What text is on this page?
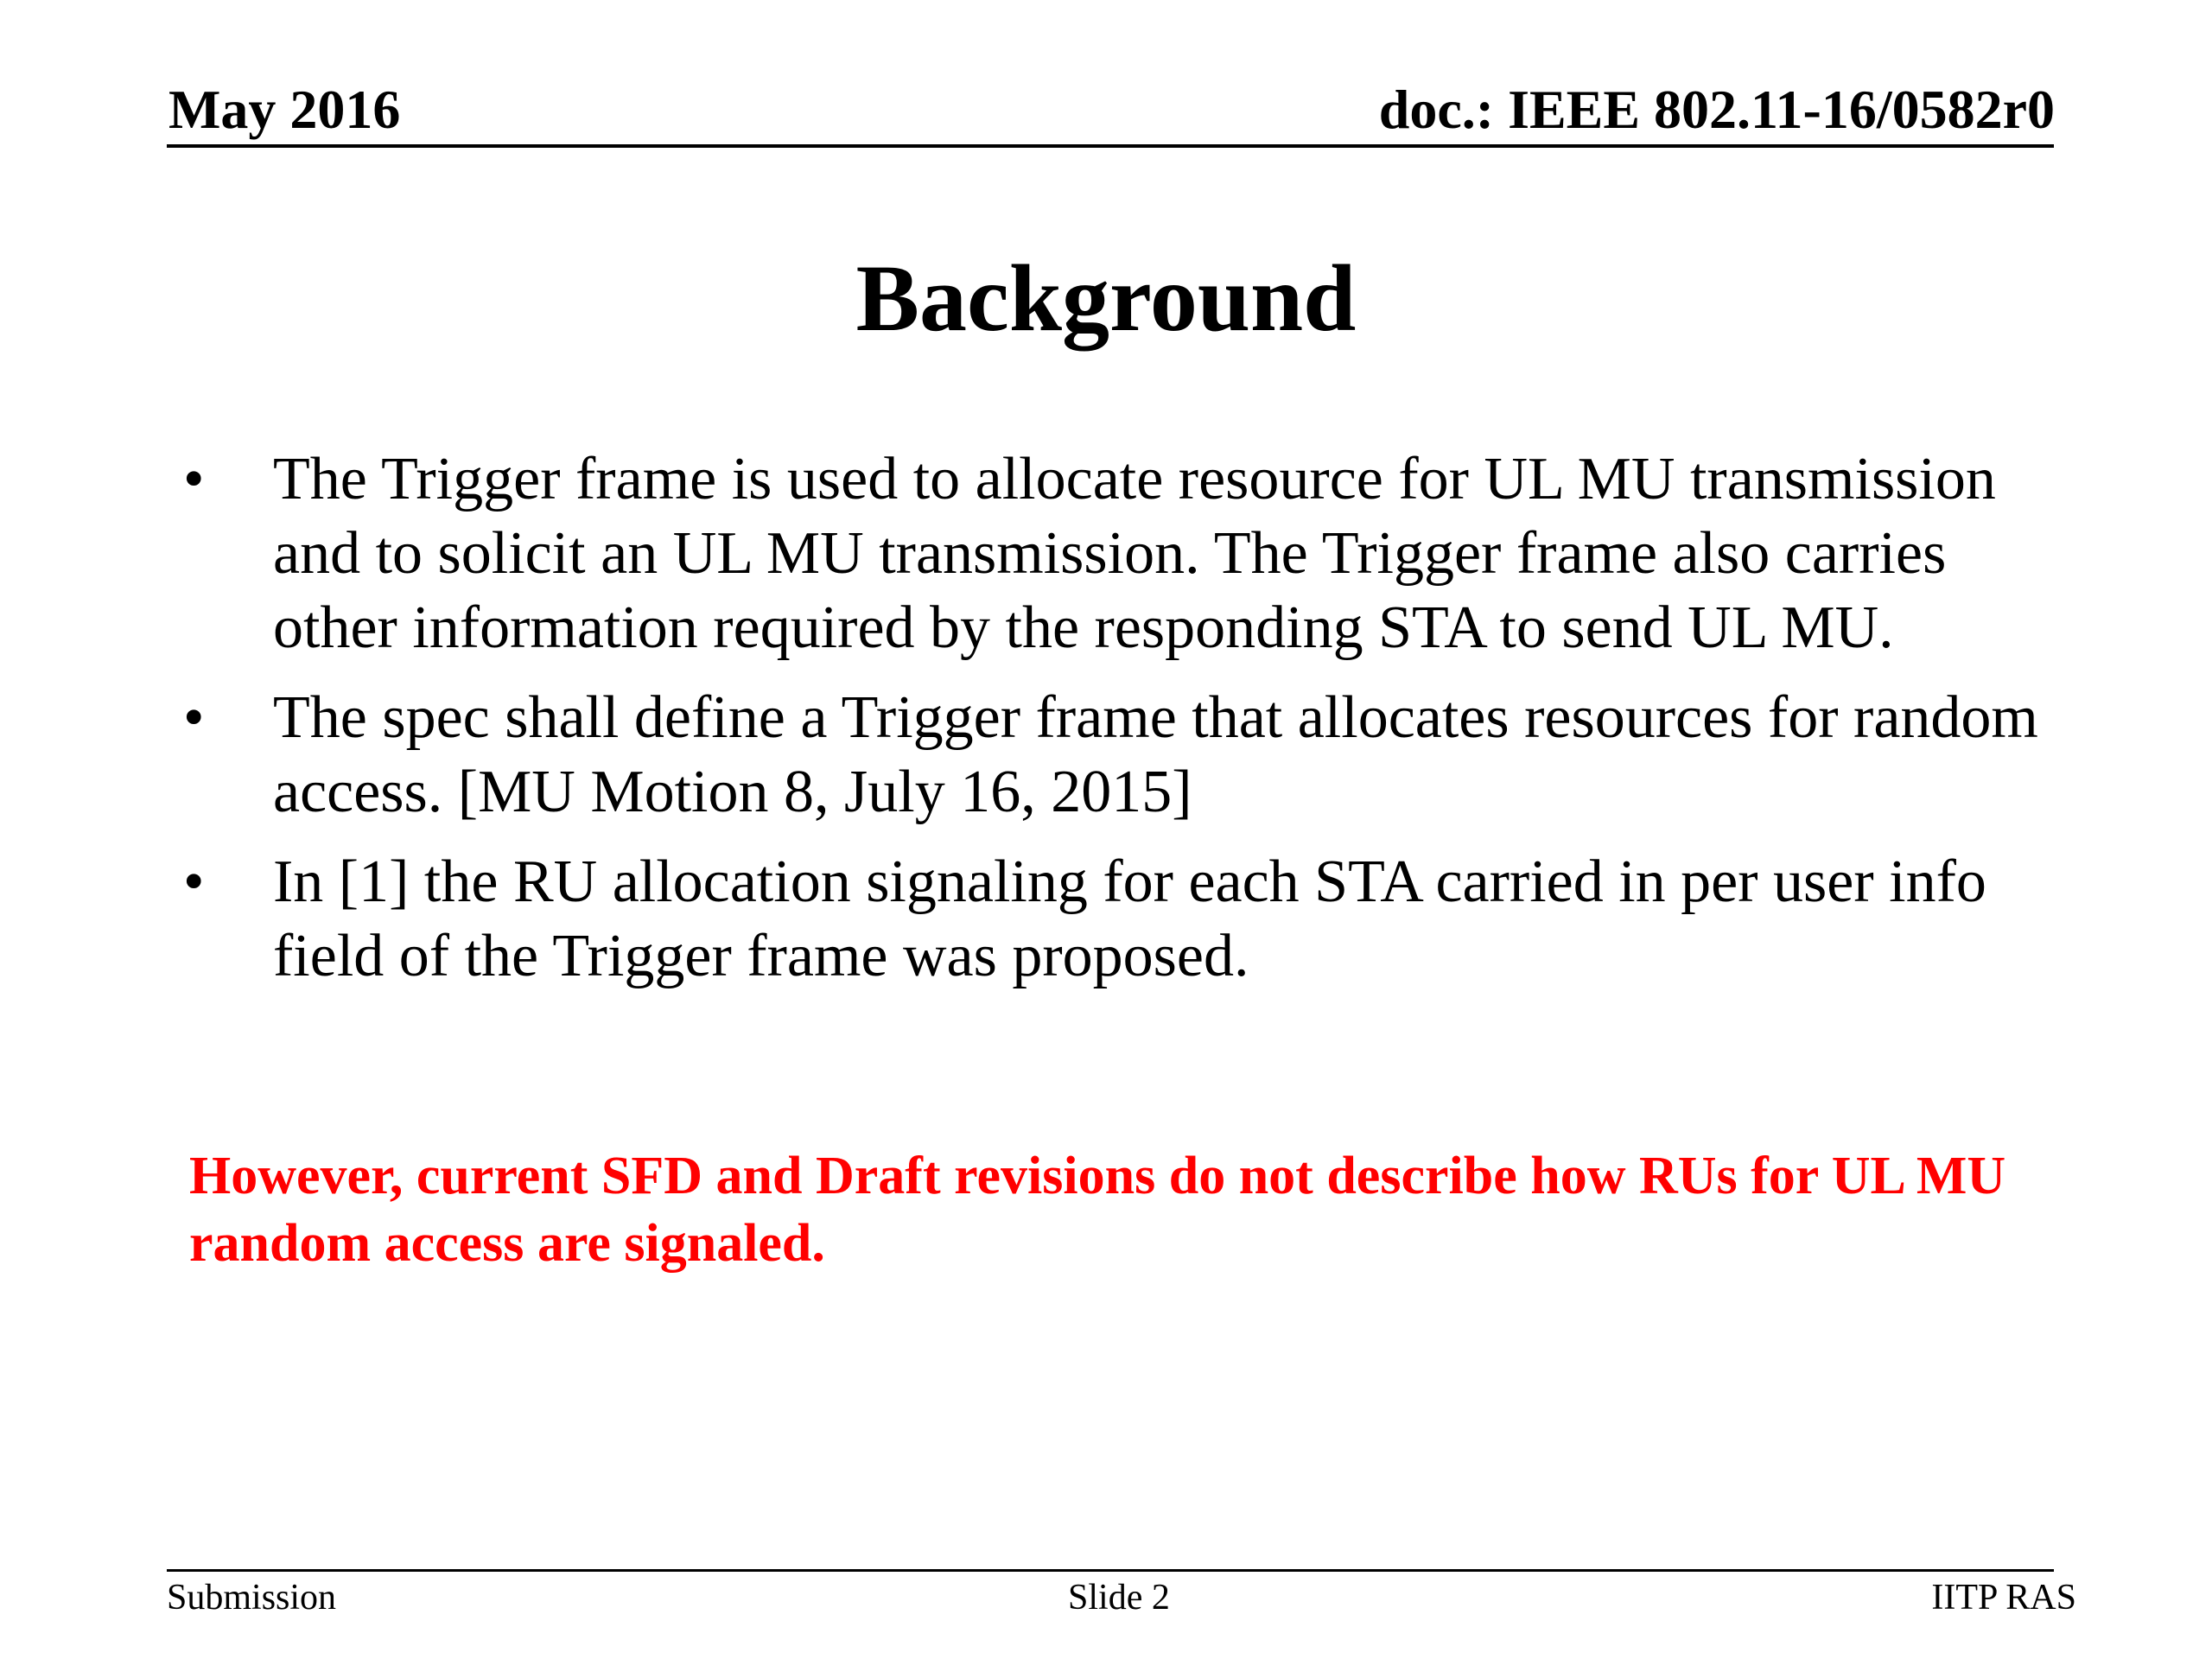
May 2016	doc.: IEEE 802.11-16/0582r0
Background
• The Trigger frame is used to allocate resource for UL MU transmission and to solicit an UL MU transmission. The Trigger frame also carries other information required by the responding STA to send UL MU.
• The spec shall define a Trigger frame that allocates resources for random access. [MU Motion 8, July 16, 2015]
• In [1] the RU allocation signaling for each STA carried in per user info field of the Trigger frame was proposed.
However, current SFD and Draft revisions do not describe how RUs for UL MU random access are signaled.
Submission	Slide 2	IITP RAS
